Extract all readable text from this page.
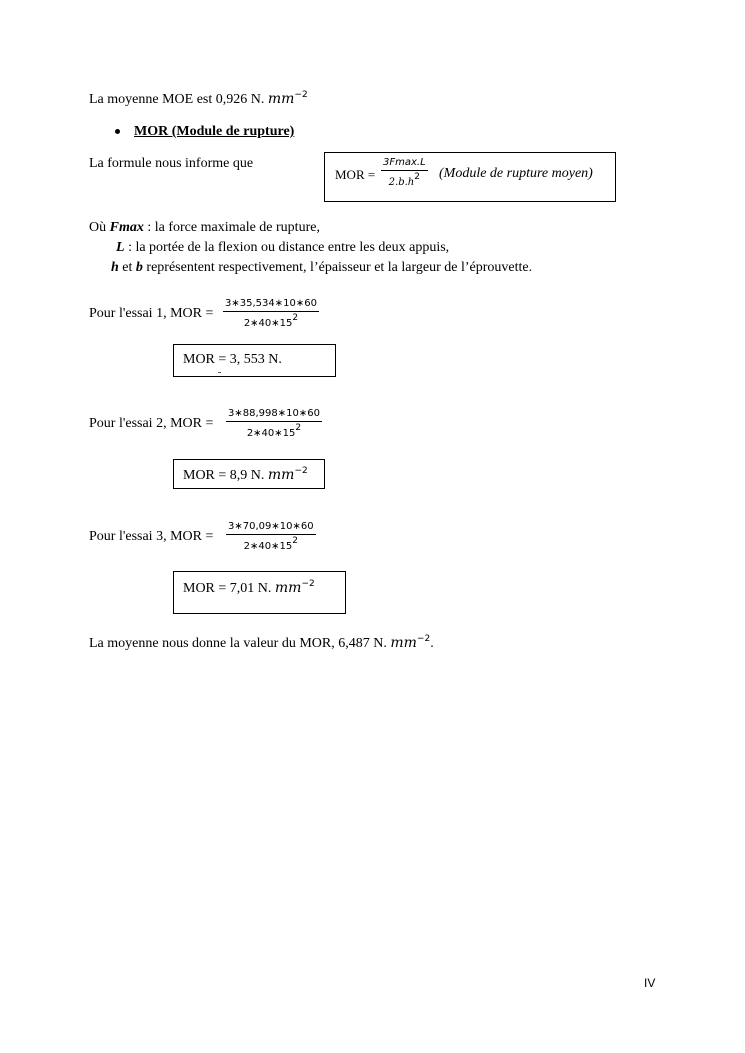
La moyenne MOE est 0,926 N. $mm^{-2}$
MOR (Module de rupture)
La formule nous informe que
MOR =
3Fmax.L
$2.b.h^2$ (Module de rupture moyen)
Où Fmax : la force maximale de rupture,
L : la portée de la flexion ou distance entre les deux appuis,
h et b représentent respectivement, l’épaisseur et la largeur de l’éprouvette.
Pour l'essai 1, MOR =
3∗35,534∗10∗60
$2∗40∗15^2$
MOR = 3, 553 N.
Pour l'essai 2, MOR =
3∗88,998∗10∗60
$2∗40∗15^2$
MOR = 8,9 N. $mm^{-2}$
Pour l'essai 3, MOR =
3∗70,09∗10∗60
$2∗40∗15^2$
MOR = 7,01 N. $mm^{-2}$
La moyenne nous donne la valeur du MOR, 6,487 N. $mm^{-2}$.
IV
